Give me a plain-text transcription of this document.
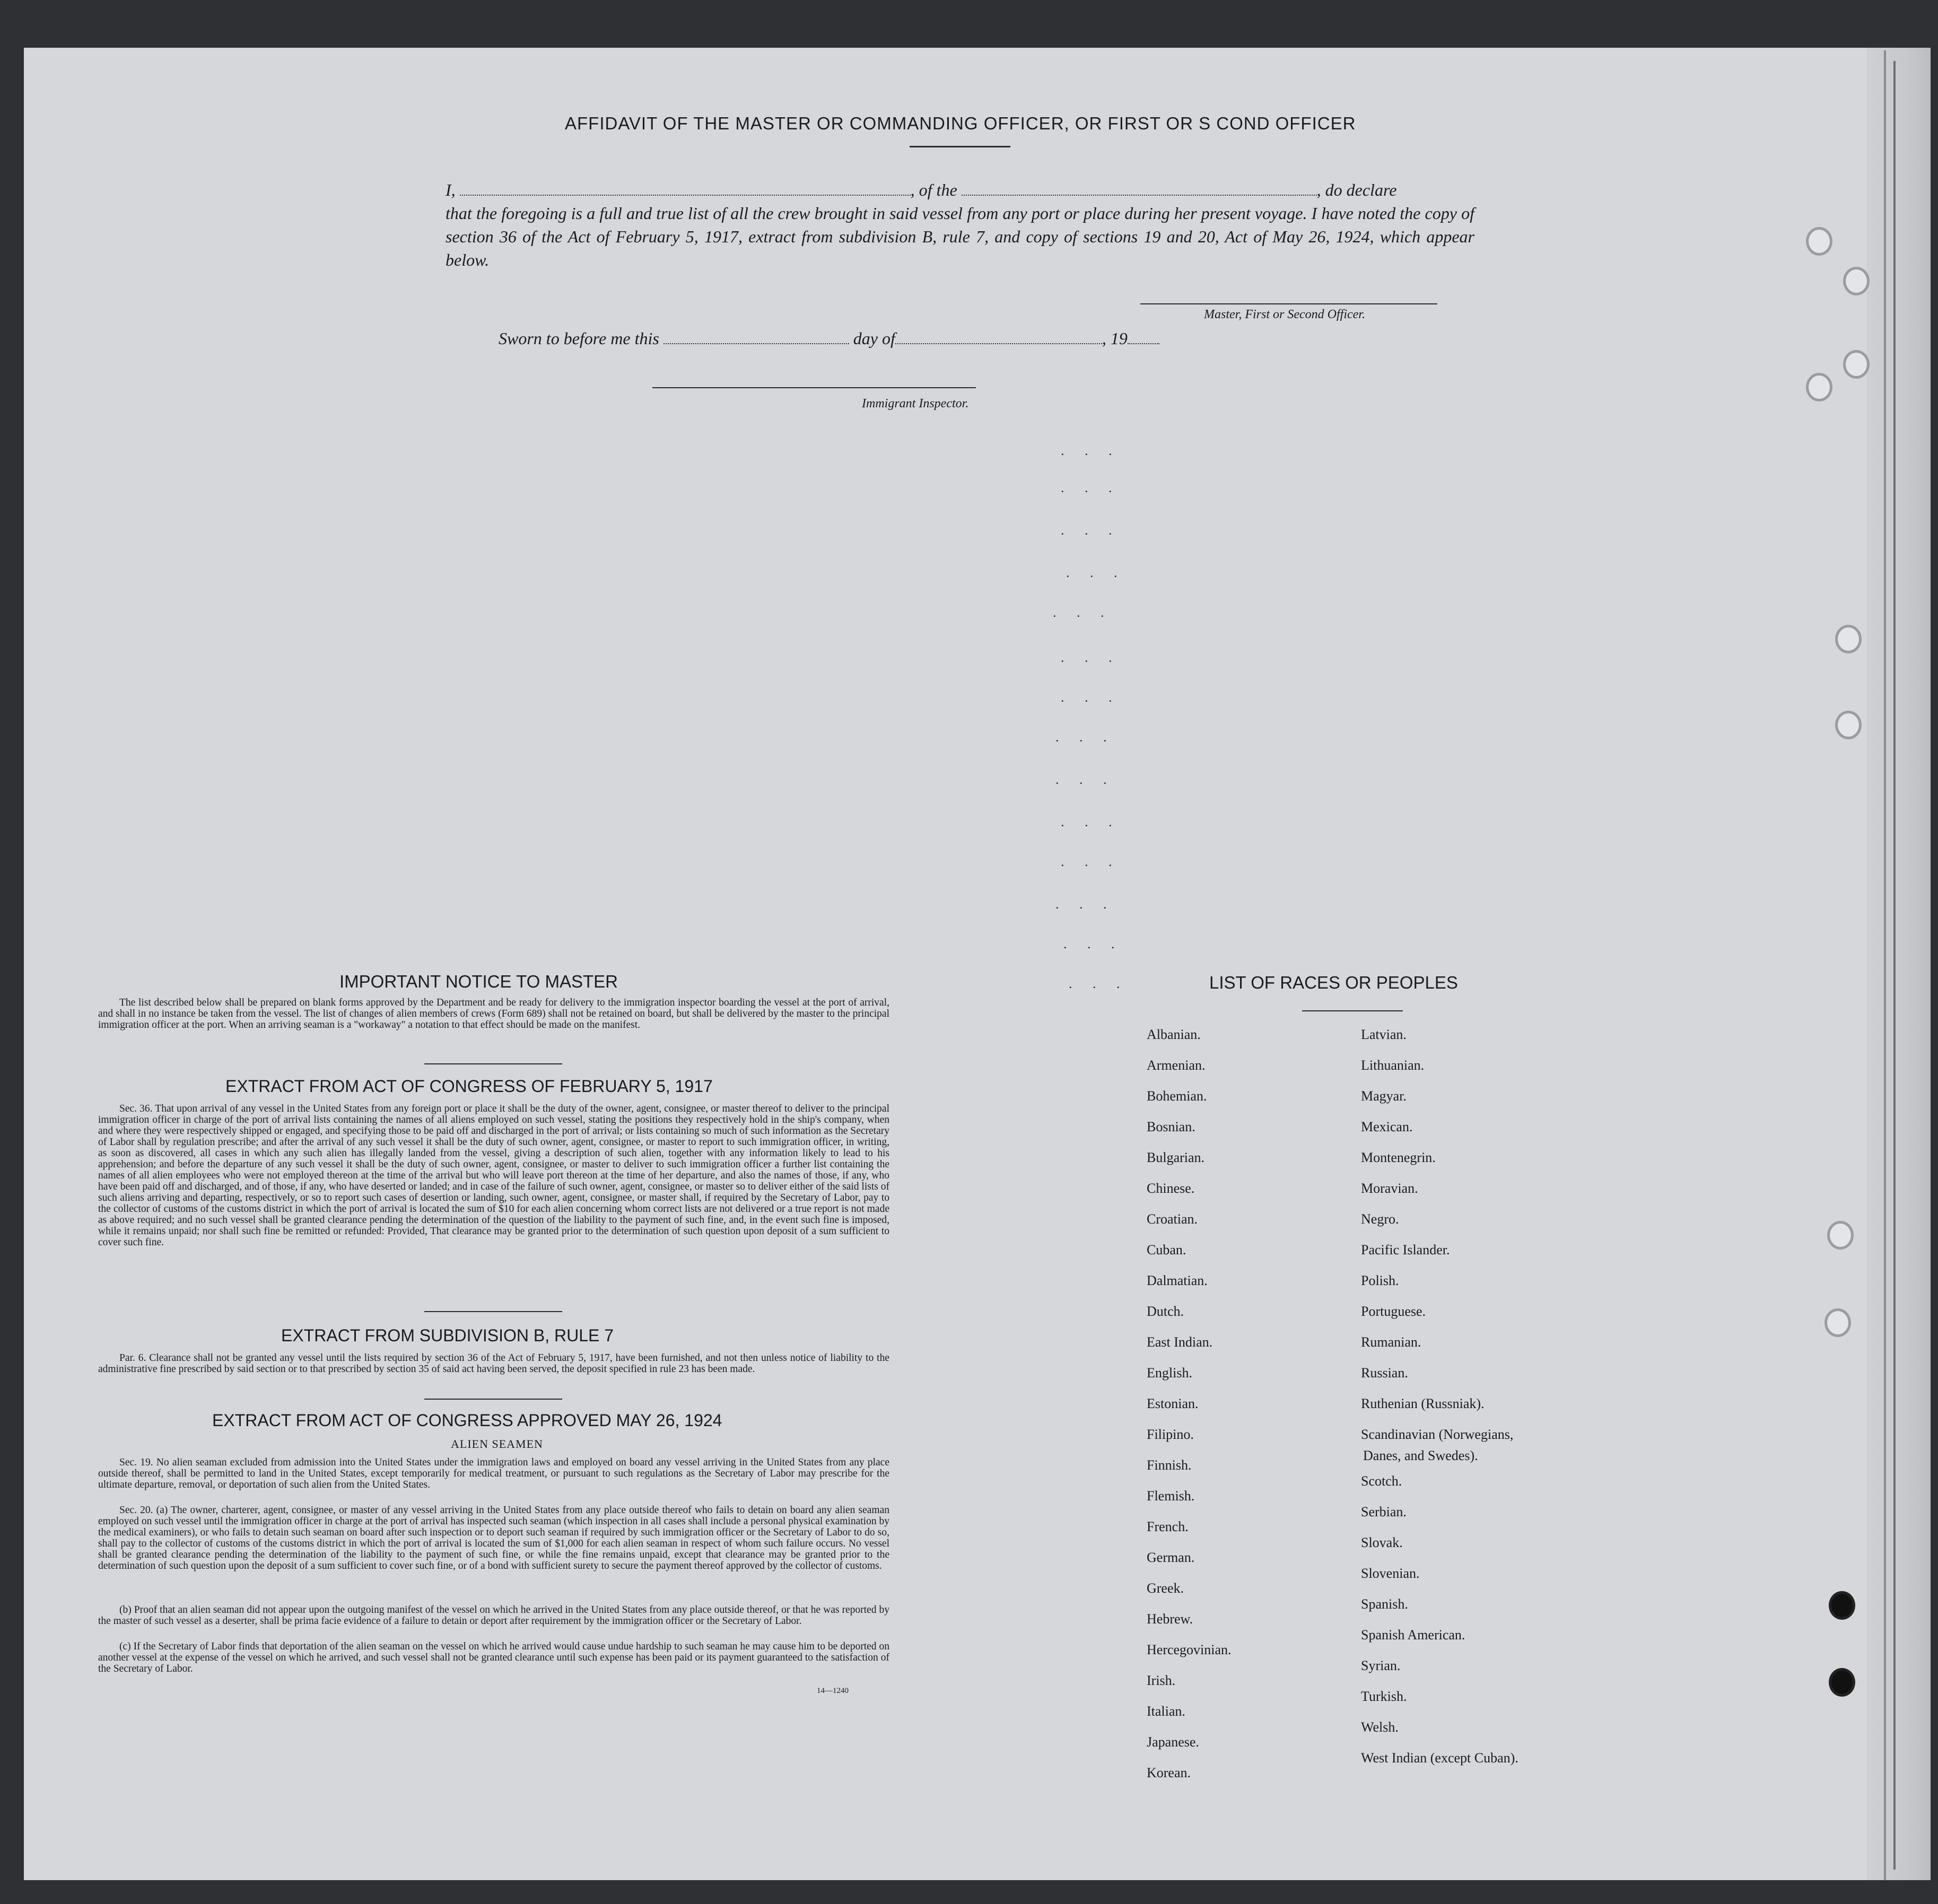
AFFIDAVIT OF THE MASTER OR COMMANDING OFFICER, OR FIRST OR S COND OFFICER
I,	, of the	, do declare
that the foregoing is a full and true list of all the crew brought in said vessel from any port or place during her present voyage. I have noted the copy of section 36 of the Act of February 5, 1917, extract from subdivision B, rule 7, and copy of sections 19 and 20, Act of May 26, 1924, which appear below.
Master, First or Second Officer.
Sworn to before me this	day of	, 19
Immigrant Inspector.
. . .
. . .
. . .
. . .
. . .
. . .
. . .
. . .
. . .
. . .
. . .
. . .
. . .
. . .
IMPORTANT NOTICE TO MASTER
The list described below shall be prepared on blank forms approved by the Department and be ready for delivery to the immigration inspector boarding the vessel at the port of arrival, and shall in no instance be taken from the vessel. The list of changes of alien members of crews (Form 689) shall not be retained on board, but shall be delivered by the master to the principal immigration officer at the port. When an arriving seaman is a "workaway" a notation to that effect should be made on the manifest.
EXTRACT FROM ACT OF CONGRESS OF FEBRUARY 5, 1917
Sec. 36. That upon arrival of any vessel in the United States from any foreign port or place it shall be the duty of the owner, agent, consignee, or master thereof to deliver to the principal immigration officer in charge of the port of arrival lists containing the names of all aliens employed on such vessel, stating the positions they respectively hold in the ship's company, when and where they were respectively shipped or engaged, and specifying those to be paid off and discharged in the port of arrival; or lists containing so much of such information as the Secretary of Labor shall by regulation prescribe; and after the arrival of any such vessel it shall be the duty of such owner, agent, consignee, or master to report to such immigration officer, in writing, as soon as discovered, all cases in which any such alien has illegally landed from the vessel, giving a description of such alien, together with any information likely to lead to his apprehension; and before the departure of any such vessel it shall be the duty of such owner, agent, consignee, or master to deliver to such immigration officer a further list containing the names of all alien employees who were not employed thereon at the time of the arrival but who will leave port thereon at the time of her departure, and also the names of those, if any, who have been paid off and discharged, and of those, if any, who have deserted or landed; and in case of the failure of such owner, agent, consignee, or master so to deliver either of the said lists of such aliens arriving and departing, respectively, or so to report such cases of desertion or landing, such owner, agent, consignee, or master shall, if required by the Secretary of Labor, pay to the collector of customs of the customs district in which the port of arrival is located the sum of $10 for each alien concerning whom correct lists are not delivered or a true report is not made as above required; and no such vessel shall be granted clearance pending the determination of the question of the liability to the payment of such fine, and, in the event such fine is imposed, while it remains unpaid; nor shall such fine be remitted or refunded: Provided, That clearance may be granted prior to the determination of such question upon deposit of a sum sufficient to cover such fine.
EXTRACT FROM SUBDIVISION B, RULE 7
Par. 6. Clearance shall not be granted any vessel until the lists required by section 36 of the Act of February 5, 1917, have been furnished, and not then unless notice of liability to the administrative fine prescribed by said section or to that prescribed by section 35 of said act having been served, the deposit specified in rule 23 has been made.
EXTRACT FROM ACT OF CONGRESS APPROVED MAY 26, 1924
ALIEN SEAMEN
Sec. 19. No alien seaman excluded from admission into the United States under the immigration laws and employed on board any vessel arriving in the United States from any place outside thereof, shall be permitted to land in the United States, except temporarily for medical treatment, or pursuant to such regulations as the Secretary of Labor may prescribe for the ultimate departure, removal, or deportation of such alien from the United States.
Sec. 20. (a) The owner, charterer, agent, consignee, or master of any vessel arriving in the United States from any place outside thereof who fails to detain on board any alien seaman employed on such vessel until the immigration officer in charge at the port of arrival has inspected such seaman (which inspection in all cases shall include a personal physical examination by the medical examiners), or who fails to detain such seaman on board after such inspection or to deport such seaman if required by such immigration officer or the Secretary of Labor to do so, shall pay to the collector of customs of the customs district in which the port of arrival is located the sum of $1,000 for each alien seaman in respect of whom such failure occurs. No vessel shall be granted clearance pending the determination of the liability to the payment of such fine, or while the fine remains unpaid, except that clearance may be granted prior to the determination of such question upon the deposit of a sum sufficient to cover such fine, or of a bond with sufficient surety to secure the payment thereof approved by the collector of customs.
(b) Proof that an alien seaman did not appear upon the outgoing manifest of the vessel on which he arrived in the United States from any place outside thereof, or that he was reported by the master of such vessel as a deserter, shall be prima facie evidence of a failure to detain or deport after requirement by the immigration officer or the Secretary of Labor.
(c) If the Secretary of Labor finds that deportation of the alien seaman on the vessel on which he arrived would cause undue hardship to such seaman he may cause him to be deported on another vessel at the expense of the vessel on which he arrived, and such vessel shall not be granted clearance until such expense has been paid or its payment guaranteed to the satisfaction of the Secretary of Labor.
14—1240
LIST OF RACES OR PEOPLES
Albanian.
Armenian.
Bohemian.
Bosnian.
Bulgarian.
Chinese.
Croatian.
Cuban.
Dalmatian.
Dutch.
East Indian.
English.
Estonian.
Filipino.
Finnish.
Flemish.
French.
German.
Greek.
Hebrew.
Hercegovinian.
Irish.
Italian.
Japanese.
Korean.
Latvian.
Lithuanian.
Magyar.
Mexican.
Montenegrin.
Moravian.
Negro.
Pacific Islander.
Polish.
Portuguese.
Rumanian.
Russian.
Ruthenian (Russniak).
Scandinavian (Norwegians,
Scotch.
Serbian.
Slovak.
Slovenian.
Spanish.
Spanish American.
Syrian.
Turkish.
Welsh.
West Indian (except Cuban).
Danes, and Swedes).
